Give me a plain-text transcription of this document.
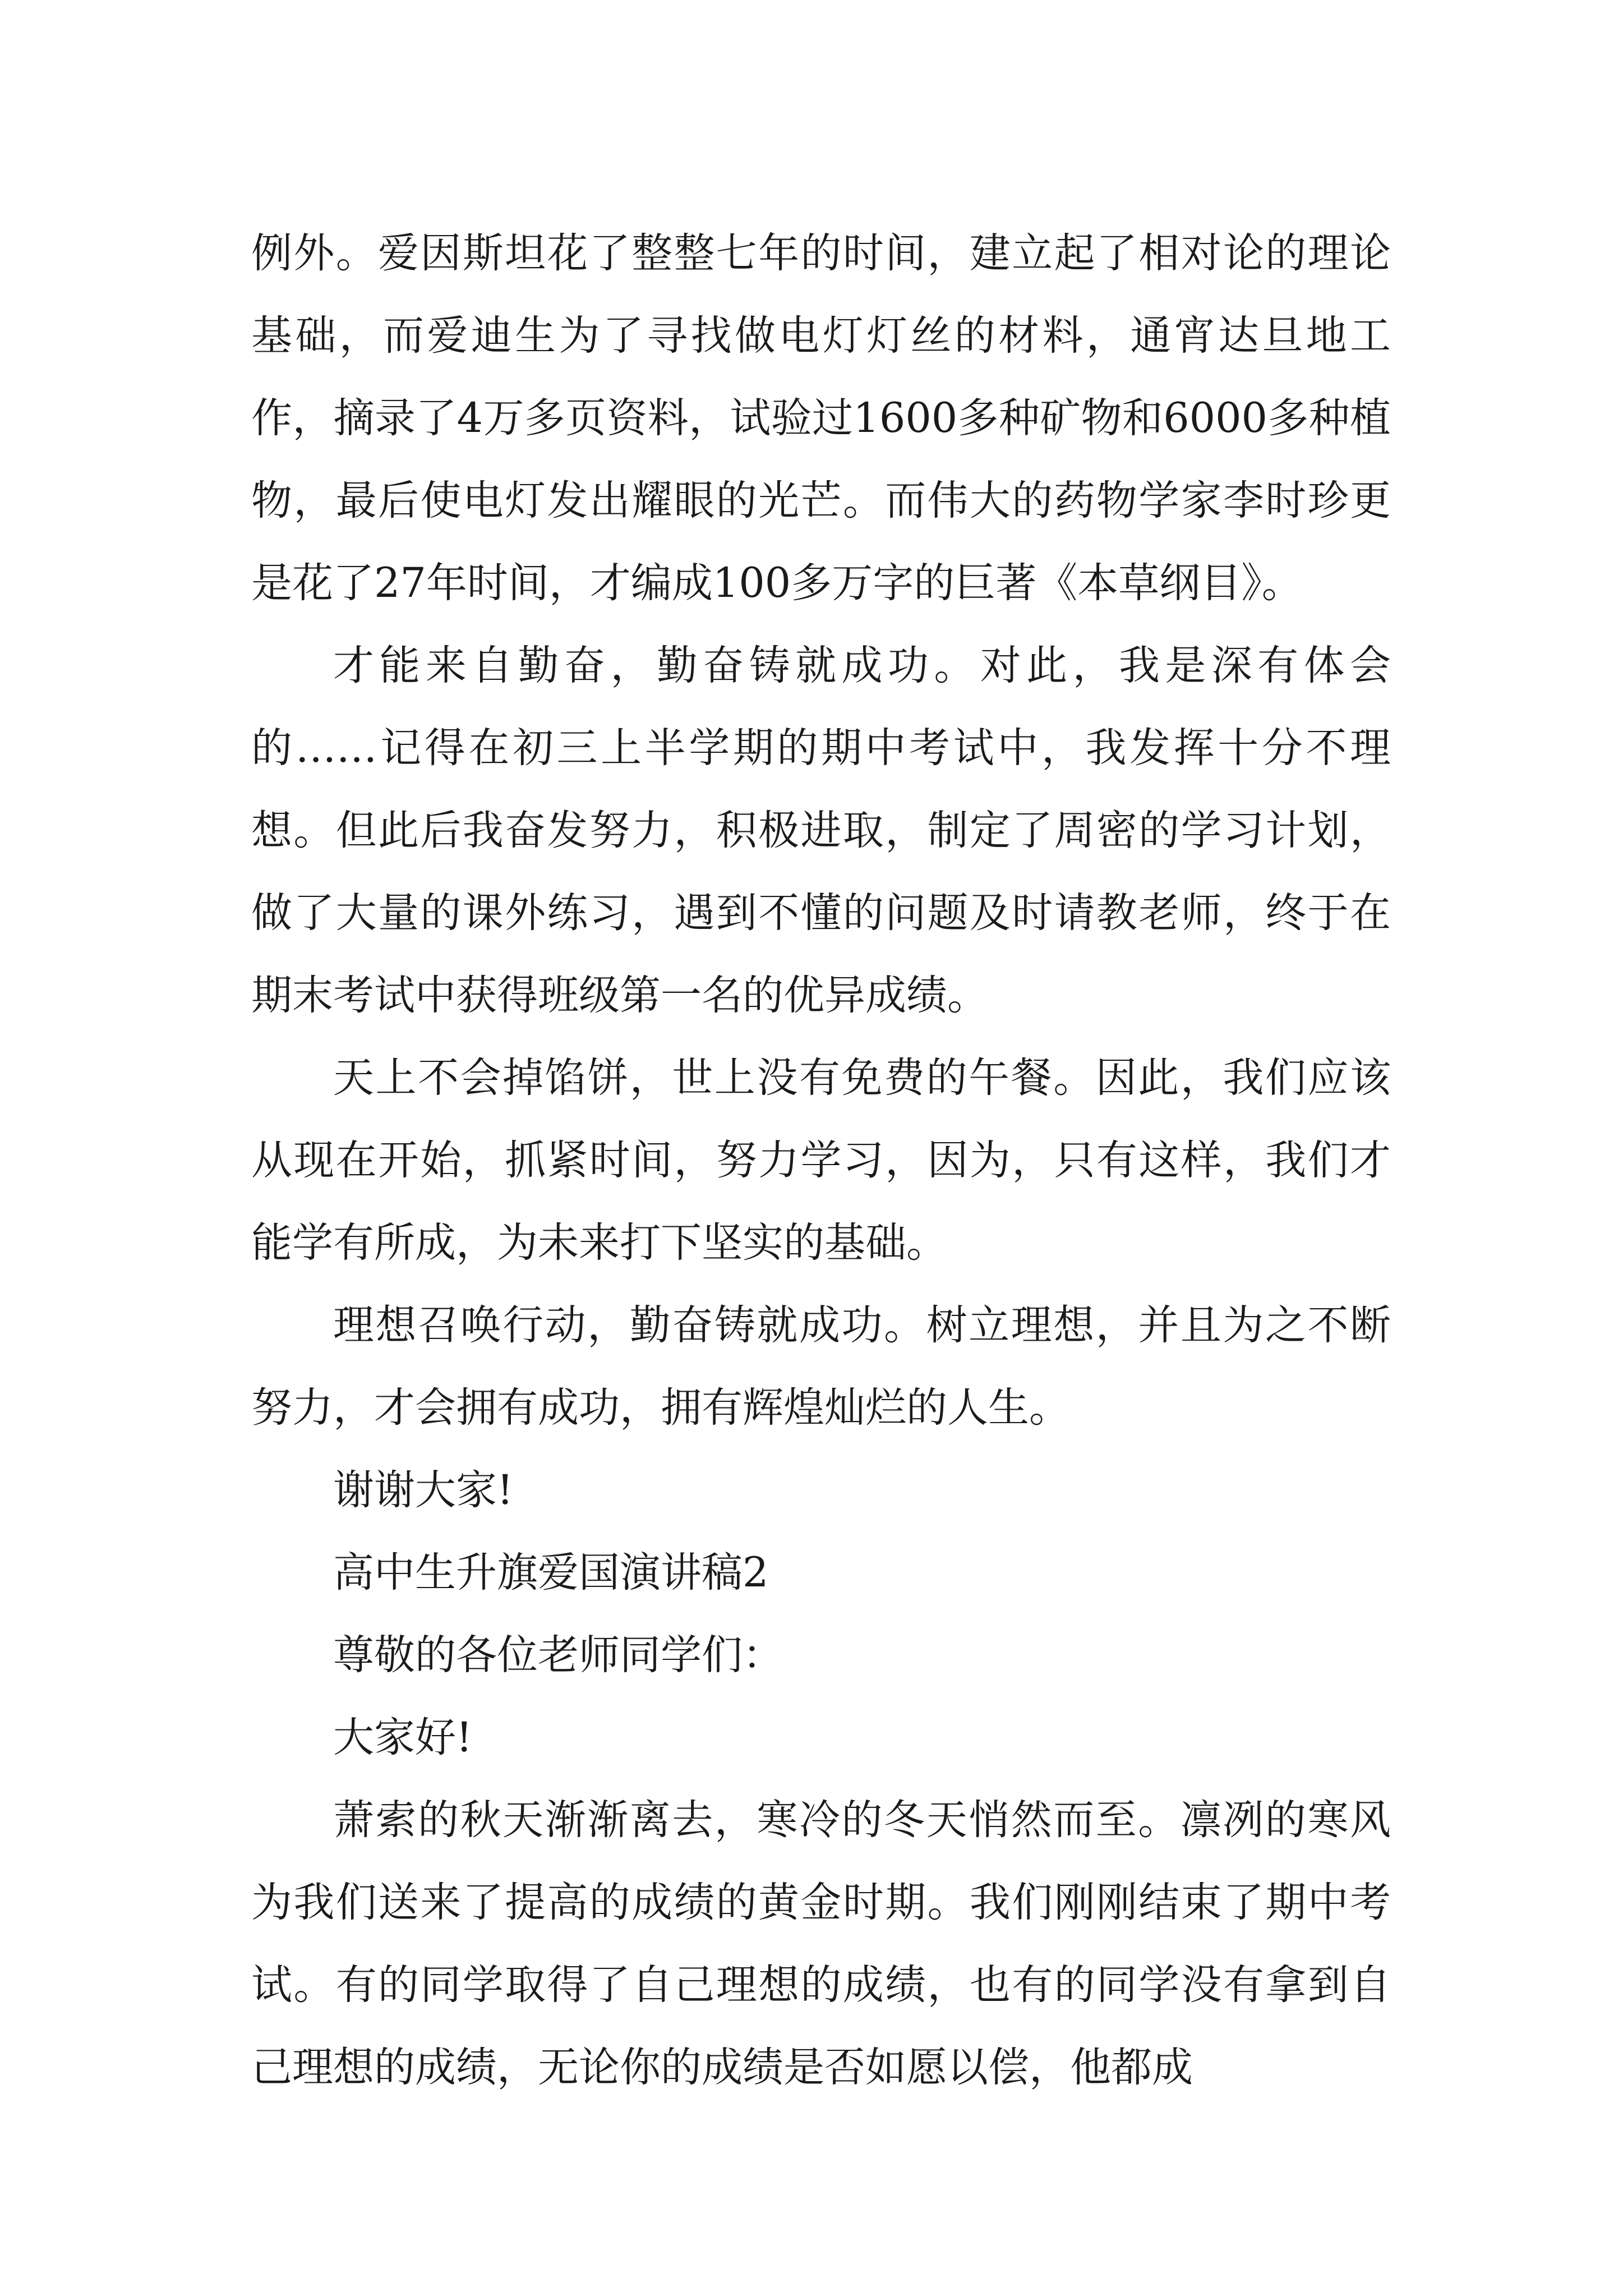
例外。爱因斯坦花了整整七年的时间，建立起了相对论的理论基础，而爱迪生为了寻找做电灯灯丝的材料，通宵达旦地工作，摘录了4万多页资料，试验过1600多种矿物和6000多种植物，最后使电灯发出耀眼的光芒。而伟大的药物学家李时珍更是花了27年时间，才编成100多万字的巨著《本草纲目》。

才能来自勤奋，勤奋铸就成功。对此，我是深有体会的……记得在初三上半学期的期中考试中，我发挥十分不理想。但此后我奋发努力，积极进取，制定了周密的学习计划，做了大量的课外练习，遇到不懂的问题及时请教老师，终于在期末考试中获得班级第一名的优异成绩。

天上不会掉馅饼，世上没有免费的午餐。因此，我们应该从现在开始，抓紧时间，努力学习，因为，只有这样，我们才能学有所成，为未来打下坚实的基础。

理想召唤行动，勤奋铸就成功。树立理想，并且为之不断努力，才会拥有成功，拥有辉煌灿烂的人生。

谢谢大家!

高中生升旗爱国演讲稿2

尊敬的各位老师同学们：

大家好!

萧索的秋天渐渐离去，寒冷的冬天悄然而至。凛冽的寒风为我们送来了提高的成绩的黄金时期。我们刚刚结束了期中考试。有的同学取得了自己理想的成绩，也有的同学没有拿到自己理想的成绩，无论你的成绩是否如愿以偿，他都成
